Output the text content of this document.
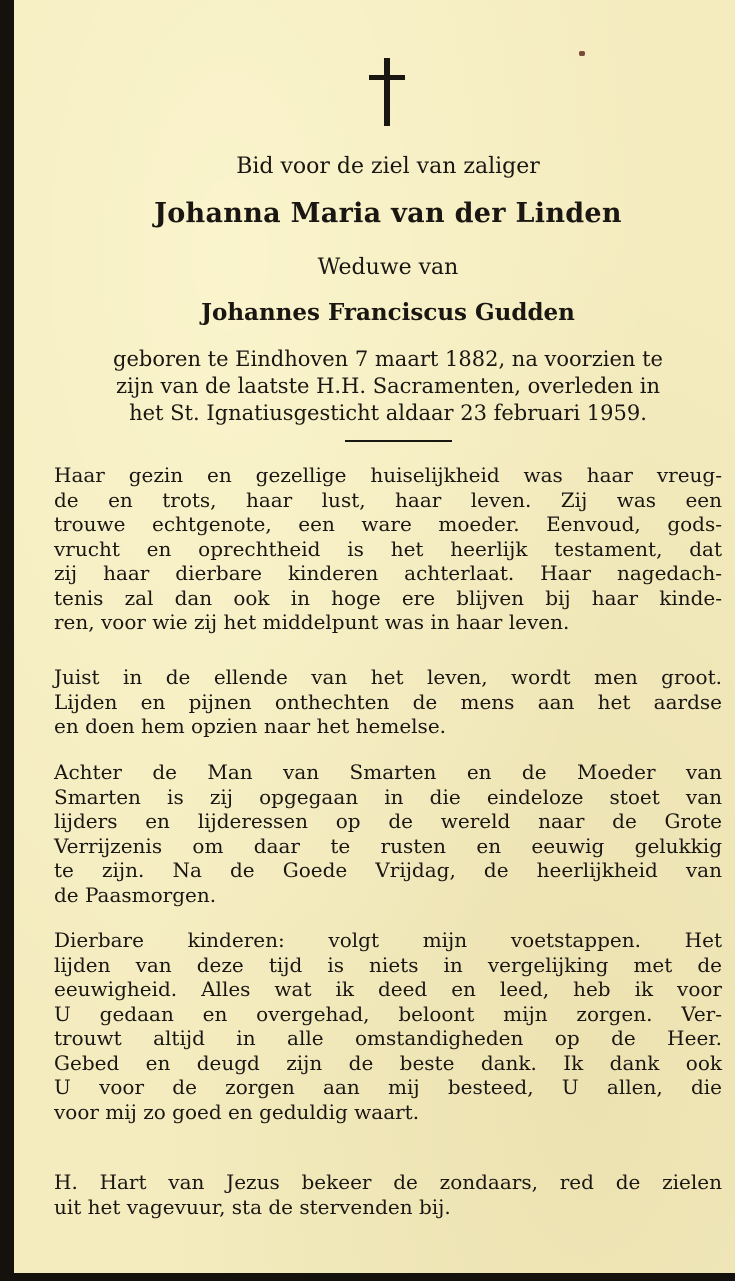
Bid voor de ziel van zaliger
Johanna Maria van der Linden
Weduwe van
Johannes Franciscus Gudden
geboren te Eindhoven 7 maart 1882, na voorzien te
zijn van de laatste H.H. Sacramenten, overleden in
het St. Ignatiusgesticht aldaar 23 februari 1959.
Haar gezin en gezellige huiselijkheid was haar vreug-
de en trots, haar lust, haar leven. Zij was een
trouwe echtgenote, een ware moeder. Eenvoud, gods-
vrucht en oprechtheid is het heerlijk testament, dat
zij haar dierbare kinderen achterlaat. Haar nagedach-
tenis zal dan ook in hoge ere blijven bij haar kinde-
ren, voor wie zij het middelpunt was in haar leven.
Juist in de ellende van het leven, wordt men groot.
Lijden en pijnen onthechten de mens aan het aardse
en doen hem opzien naar het hemelse.
Achter de Man van Smarten en de Moeder van
Smarten is zij opgegaan in die eindeloze stoet van
lijders en lijderessen op de wereld naar de Grote
Verrijzenis om daar te rusten en eeuwig gelukkig
te zijn. Na de Goede Vrijdag, de heerlijkheid van
de Paasmorgen.
Dierbare kinderen: volgt mijn voetstappen. Het
lijden van deze tijd is niets in vergelijking met de
eeuwigheid. Alles wat ik deed en leed, heb ik voor
U gedaan en overgehad, beloont mijn zorgen. Ver-
trouwt altijd in alle omstandigheden op de Heer.
Gebed en deugd zijn de beste dank. Ik dank ook
U voor de zorgen aan mij besteed, U allen, die
voor mij zo goed en geduldig waart.
H. Hart van Jezus bekeer de zondaars, red de zielen
uit het vagevuur, sta de stervenden bij.
